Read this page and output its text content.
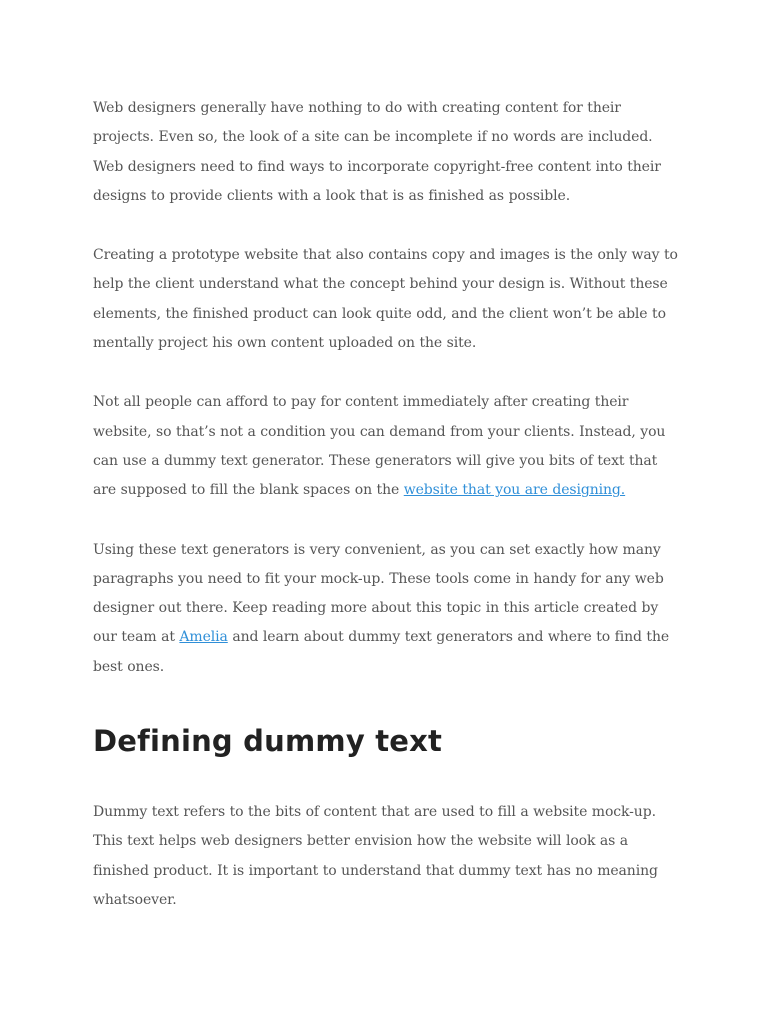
Web designers generally have nothing to do with creating content for their projects. Even so, the look of a site can be incomplete if no words are included. Web designers need to find ways to incorporate copyright-free content into their designs to provide clients with a look that is as finished as possible.

Creating a prototype website that also contains copy and images is the only way to help the client understand what the concept behind your design is. Without these elements, the finished product can look quite odd, and the client won’t be able to mentally project his own content uploaded on the site.

Not all people can afford to pay for content immediately after creating their website, so that’s not a condition you can demand from your clients. Instead, you can use a dummy text generator. These generators will give you bits of text that are supposed to fill the blank spaces on the website that you are designing.

Using these text generators is very convenient, as you can set exactly how many paragraphs you need to fit your mock-up. These tools come in handy for any web designer out there. Keep reading more about this topic in this article created by our team at Amelia and learn about dummy text generators and where to find the best ones.

Defining dummy text

Dummy text refers to the bits of content that are used to fill a website mock-up. This text helps web designers better envision how the website will look as a finished product. It is important to understand that dummy text has no meaning whatsoever.
